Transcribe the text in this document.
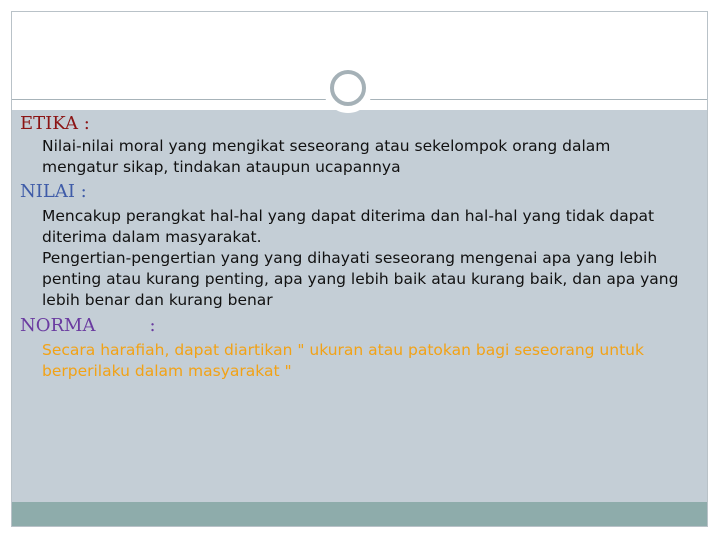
ETIKA :

Nilai-nilai moral yang mengikat seseorang atau sekelompok orang dalam mengatur sikap, tindakan ataupun ucapannya

NILAI :

Mencakup perangkat hal-hal yang dapat diterima dan hal-hal yang tidak dapat diterima dalam masyarakat.

Pengertian-pengertian yang yang dihayati seseorang mengenai apa yang lebih penting atau kurang penting, apa yang lebih baik atau kurang baik, dan apa yang lebih benar dan kurang benar

NORMA	:

Secara harafiah, dapat diartikan " ukuran atau patokan bagi seseorang untuk berperilaku dalam masyarakat "
